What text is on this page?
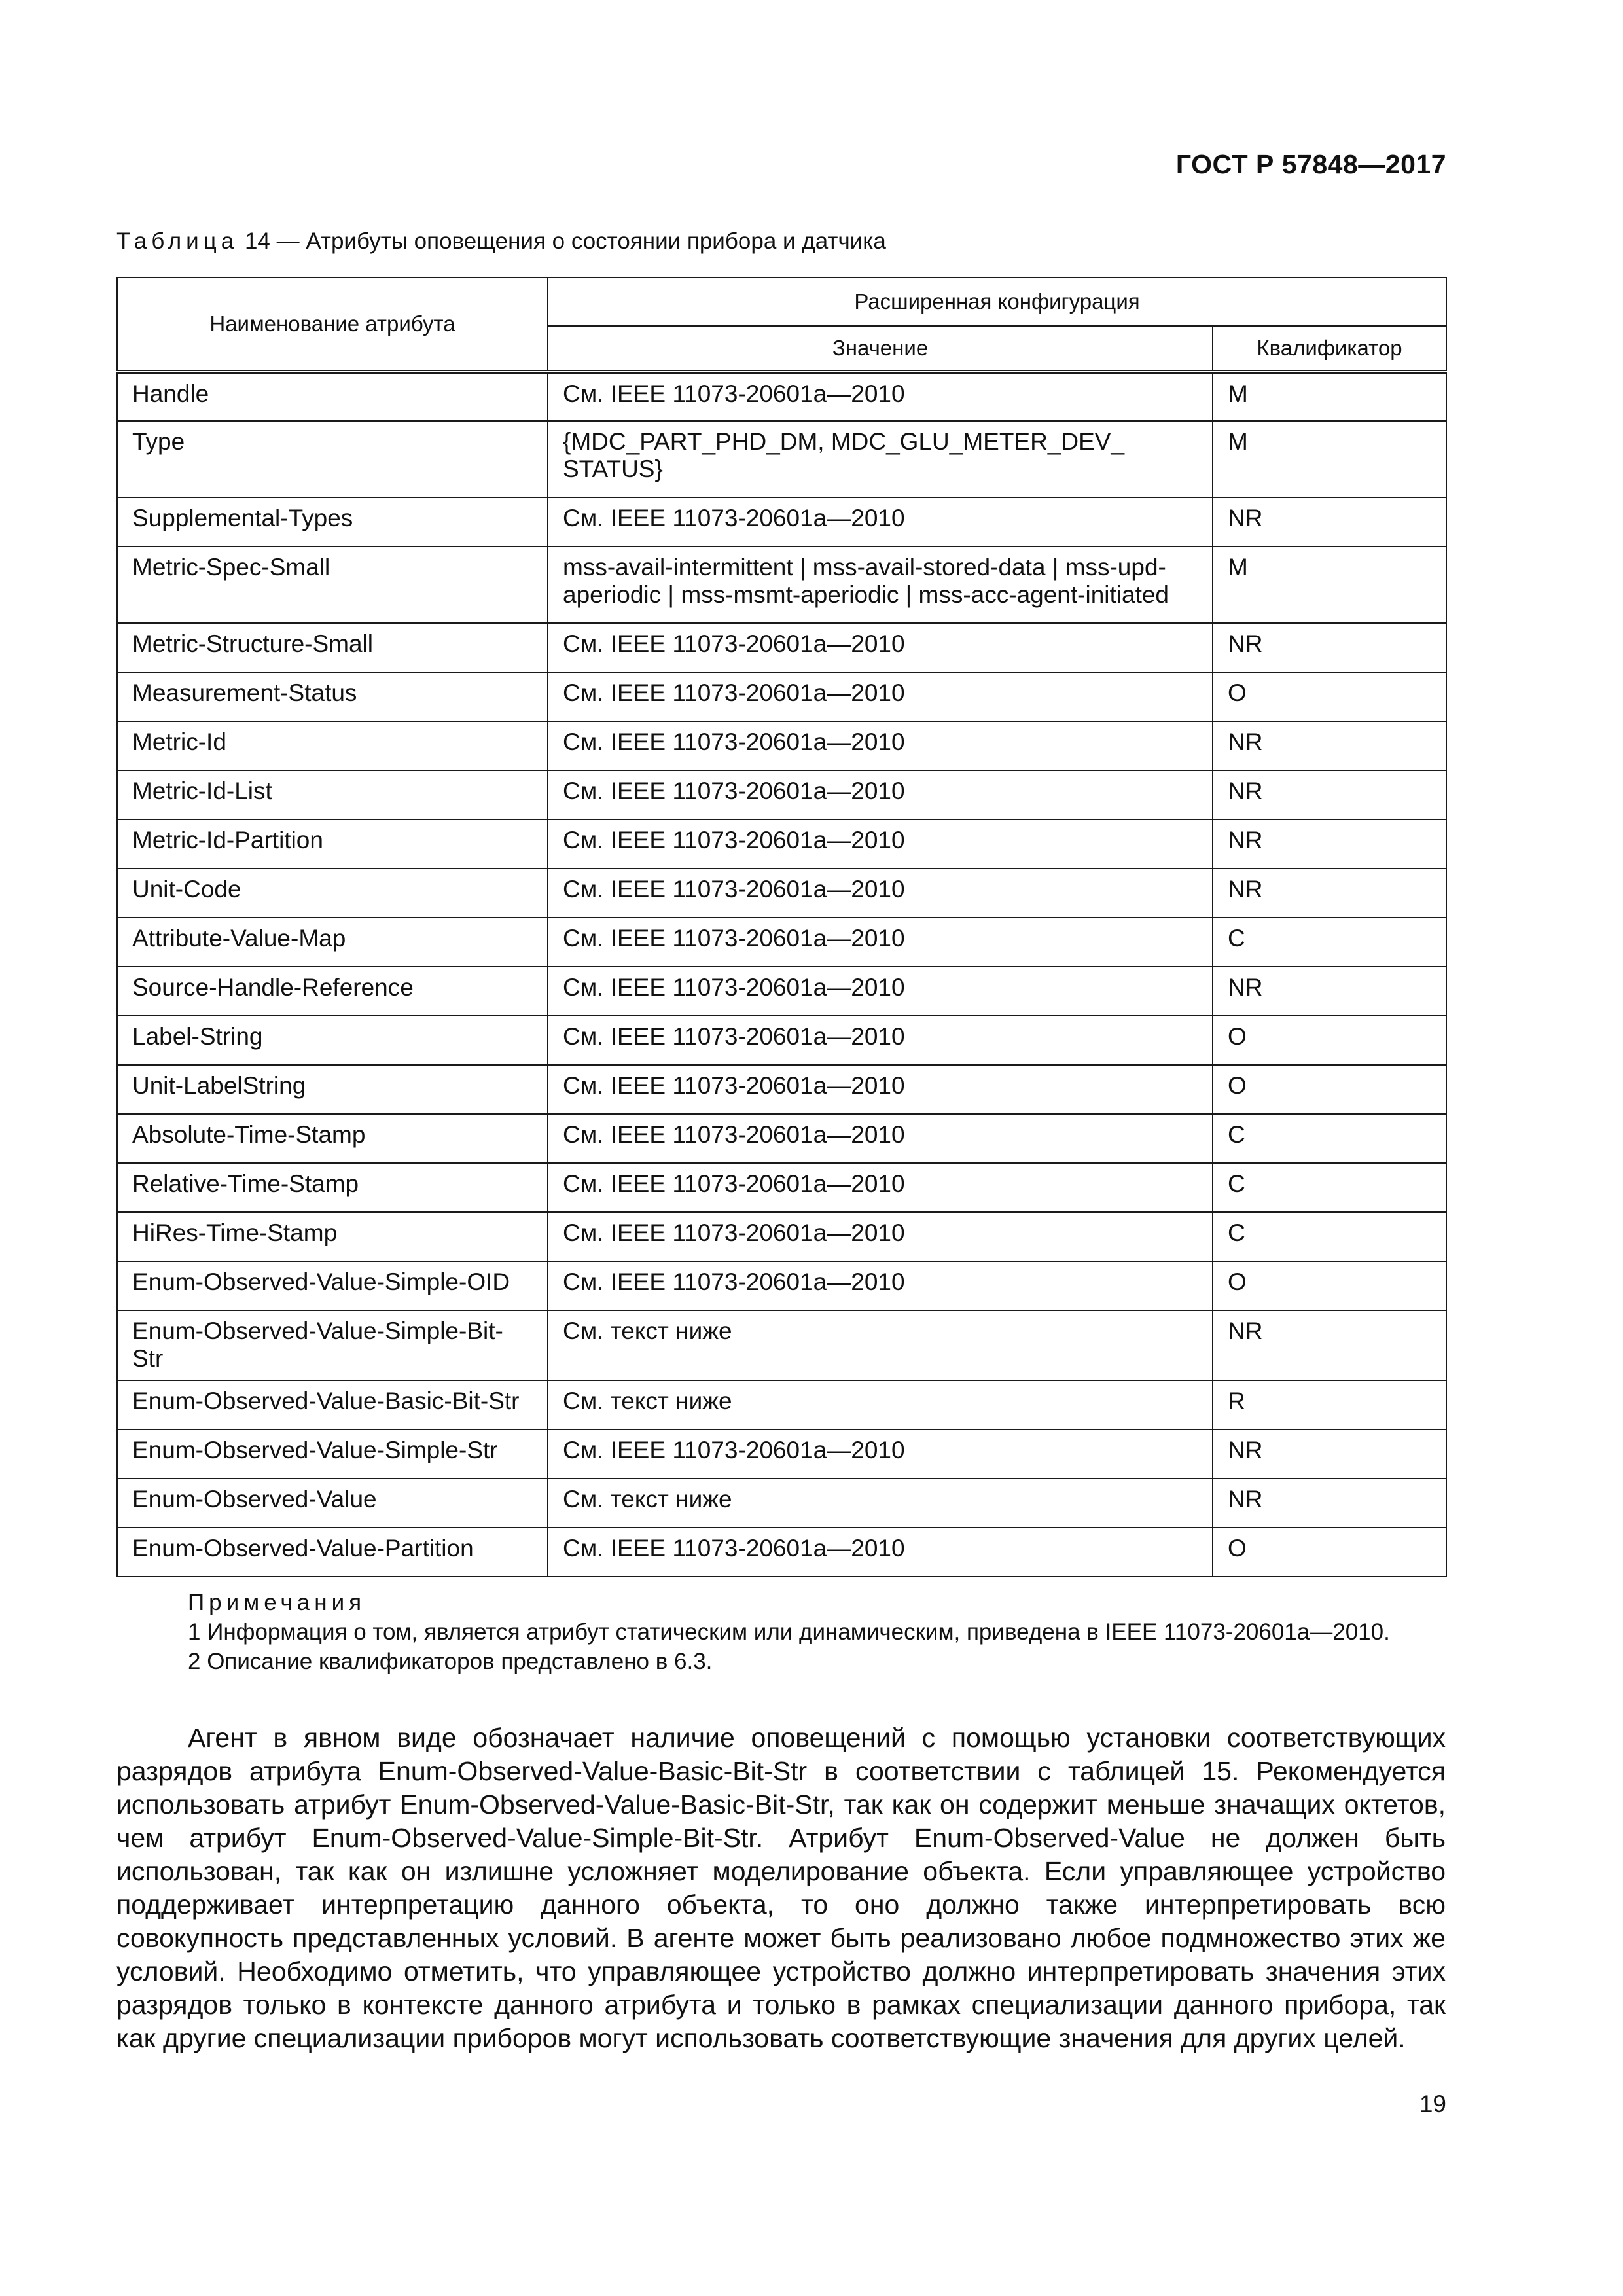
ГОСТ Р 57848—2017
Таблица 14 — Атрибуты оповещения о состоянии прибора и датчика
Наименование атрибута	Расширенная конфигурация	
	Значение	Квалификатор
Handle	См. IEEE 11073-20601a—2010	M
Type	{MDC_PART_PHD_DM, MDC_GLU_METER_DEV_ STATUS}	M
Supplemental-Types	См. IEEE 11073-20601a—2010	NR
Metric-Spec-Small	mss-avail-intermittent | mss-avail-stored-data | mss-upd-aperiodic | mss-msmt-aperiodic | mss-acc-agent-initiated	M
Metric-Structure-Small	См. IEEE 11073-20601a—2010	NR
Measurement-Status	См. IEEE 11073-20601a—2010	O
Metric-Id	См. IEEE 11073-20601a—2010	NR
Metric-Id-List	См. IEEE 11073-20601a—2010	NR
Metric-Id-Partition	См. IEEE 11073-20601a—2010	NR
Unit-Code	См. IEEE 11073-20601a—2010	NR
Attribute-Value-Map	См. IEEE 11073-20601a—2010	C
Source-Handle-Reference	См. IEEE 11073-20601a—2010	NR
Label-String	См. IEEE 11073-20601a—2010	O
Unit-LabelString	См. IEEE 11073-20601a—2010	O
Absolute-Time-Stamp	См. IEEE 11073-20601a—2010	C
Relative-Time-Stamp	См. IEEE 11073-20601a—2010	C
HiRes-Time-Stamp	См. IEEE 11073-20601a—2010	C
Enum-Observed-Value-Simple-OID	См. IEEE 11073-20601a—2010	O
Enum-Observed-Value-Simple-Bit-Str	См. текст ниже	NR
Enum-Observed-Value-Basic-Bit-Str	См. текст ниже	R
Enum-Observed-Value-Simple-Str	См. IEEE 11073-20601a—2010	NR
Enum-Observed-Value	См. текст ниже	NR
Enum-Observed-Value-Partition	См. IEEE 11073-20601a—2010	O
Примечания
1 Информация о том, является атрибут статическим или динамическим, приведена в IEEE 11073-20601a—2010.
2 Описание квалификаторов представлено в 6.3.

Агент в явном виде обозначает наличие оповещений с помощью установки соответствующих разрядов атрибута Enum-Observed-Value-Basic-Bit-Str в соответствии с таблицей 15. Рекомендуется использовать атрибут Enum-Observed-Value-Basic-Bit-Str, так как он содержит меньше значащих октетов, чем атрибут Enum-Observed-Value-Simple-Bit-Str. Атрибут Enum-Observed-Value не должен быть использован, так как он излишне усложняет моделирование объекта. Если управляющее устройство поддерживает интерпретацию данного объекта, то оно должно также интерпретировать всю совокупность представленных условий. В агенте может быть реализовано любое подмножество этих же условий. Необходимо отметить, что управляющее устройство должно интерпретировать значения этих разрядов только в контексте данного атрибута и только в рамках специализации данного прибора, так как другие специализации приборов могут использовать соответствующие значения для других целей.

19
